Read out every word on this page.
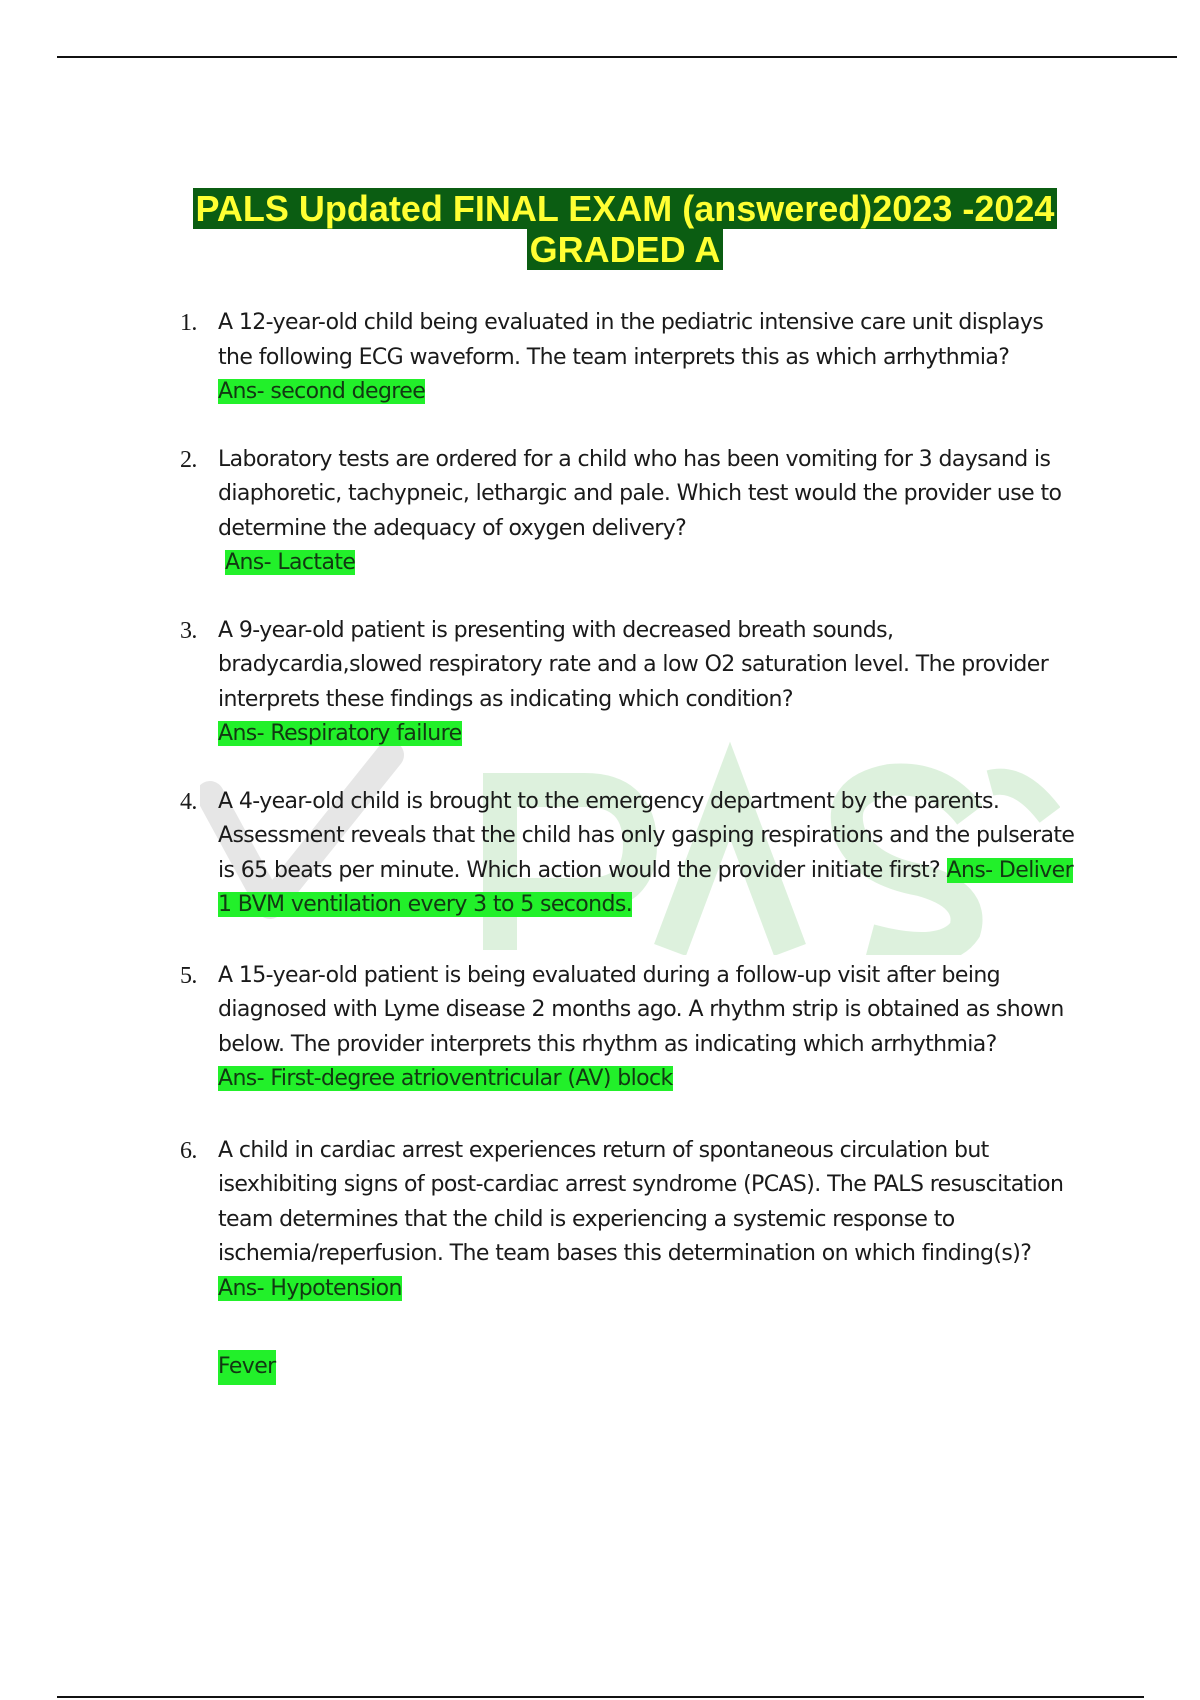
PALS Updated FINAL EXAM (answered)2023 -2024
GRADED A
1. A 12-year-old child being evaluated in the pediatric intensive care unit displays the following ECG waveform. The team interprets this as which arrhythmia?
Ans- second degree
2. Laboratory tests are ordered for a child who has been vomiting for 3 daysand is diaphoretic, tachypneic, lethargic and pale. Which test would the provider use to determine the adequacy of oxygen delivery?
Ans- Lactate
3. A 9-year-old patient is presenting with decreased breath sounds, bradycardia,slowed respiratory rate and a low O2 saturation level. The provider interprets these findings as indicating which condition?
Ans- Respiratory failure
4. A 4-year-old child is brought to the emergency department by the parents. Assessment reveals that the child has only gasping respirations and the pulserate is 65 beats per minute. Which action would the provider initiate first? Ans- Deliver 1 BVM ventilation every 3 to 5 seconds.
5. A 15-year-old patient is being evaluated during a follow-up visit after being diagnosed with Lyme disease 2 months ago. A rhythm strip is obtained as shown below. The provider interprets this rhythm as indicating which arrhythmia?
Ans- First-degree atrioventricular (AV) block
6. A child in cardiac arrest experiences return of spontaneous circulation but isexhibiting signs of post-cardiac arrest syndrome (PCAS). The PALS resuscitation team determines that the child is experiencing a systemic response to ischemia/reperfusion. The team bases this determination on which finding(s)?
Ans- Hypotension
Fever
